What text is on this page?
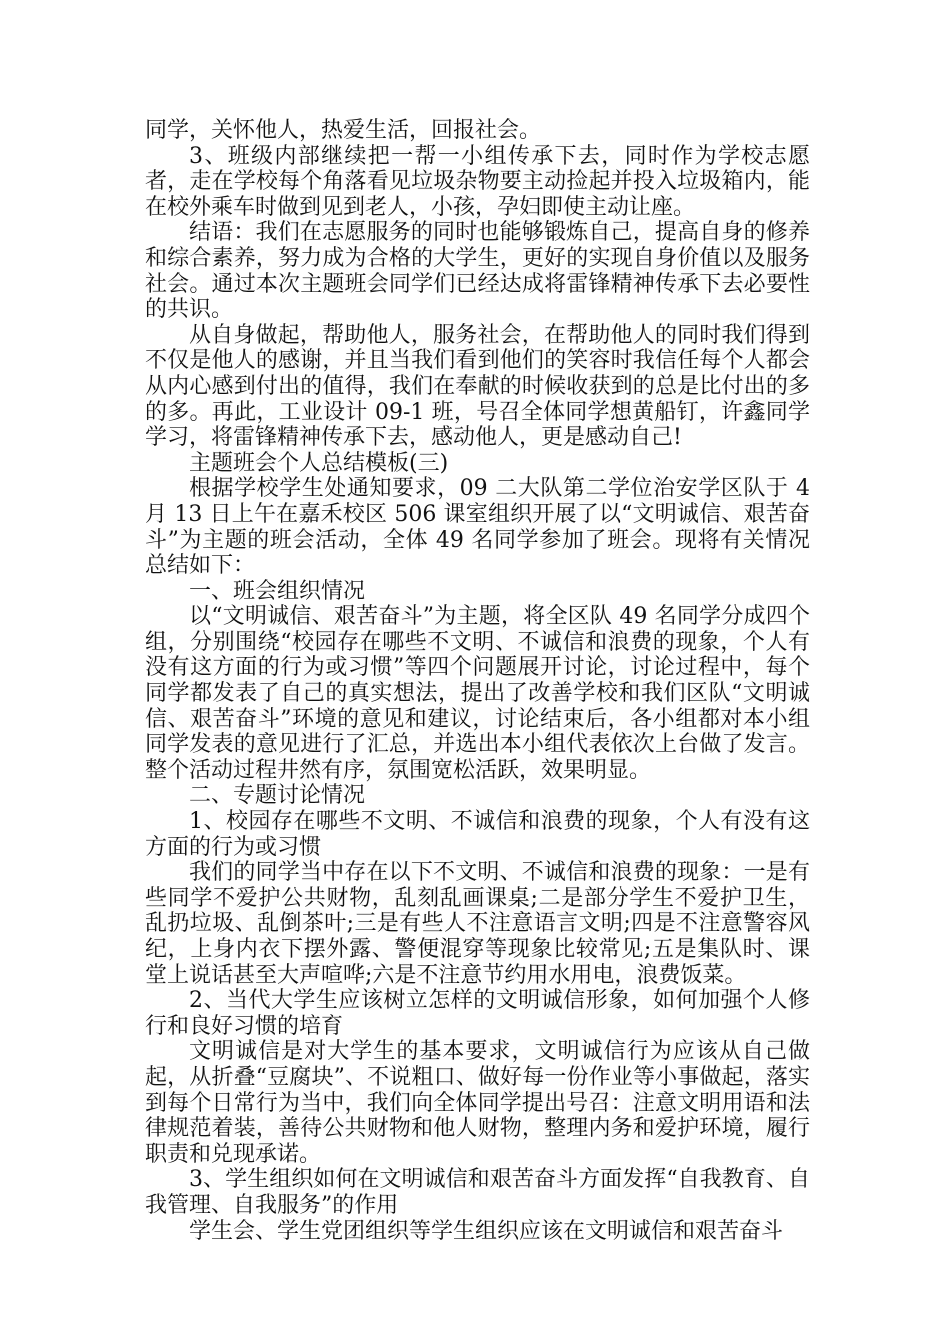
同学，关怀他人，热爱生活，回报社会。

3、班级内部继续把一帮一小组传承下去，同时作为学校志愿者，走在学校每个角落看见垃圾杂物要主动捡起并投入垃圾箱内，能在校外乘车时做到见到老人，小孩，孕妇即使主动让座。

结语：我们在志愿服务的同时也能够锻炼自己，提高自身的修养和综合素养，努力成为合格的大学生，更好的实现自身价值以及服务社会。通过本次主题班会同学们已经达成将雷锋精神传承下去必要性的共识。

从自身做起，帮助他人，服务社会，在帮助他人的同时我们得到不仅是他人的感谢，并且当我们看到他们的笑容时我信任每个人都会从内心感到付出的值得，我们在奉献的时候收获到的总是比付出的多的多。再此，工业设计 09-1 班，号召全体同学想黄船钉，许鑫同学学习，将雷锋精神传承下去，感动他人，更是感动自己!

主题班会个人总结模板(三)

根据学校学生处通知要求，09 二大队第二学位治安学区队于 4 月 13 日上午在嘉禾校区 506 课室组织开展了以“文明诚信、艰苦奋斗”为主题的班会活动，全体 49 名同学参加了班会。现将有关情况总结如下：

一、班会组织情况

以“文明诚信、艰苦奋斗”为主题，将全区队 49 名同学分成四个组，分别围绕“校园存在哪些不文明、不诚信和浪费的现象，个人有没有这方面的行为或习惯”等四个问题展开讨论，讨论过程中，每个同学都发表了自己的真实想法，提出了改善学校和我们区队“文明诚信、艰苦奋斗”环境的意见和建议，讨论结束后，各小组都对本小组同学发表的意见进行了汇总，并选出本小组代表依次上台做了发言。整个活动过程井然有序，氛围宽松活跃，效果明显。

二、专题讨论情况

1、校园存在哪些不文明、不诚信和浪费的现象，个人有没有这方面的行为或习惯

我们的同学当中存在以下不文明、不诚信和浪费的现象：一是有些同学不爱护公共财物，乱刻乱画课桌;二是部分学生不爱护卫生，乱扔垃圾、乱倒茶叶;三是有些人不注意语言文明;四是不注意警容风纪，上身内衣下摆外露、警便混穿等现象比较常见;五是集队时、课堂上说话甚至大声喧哗;六是不注意节约用水用电，浪费饭菜。

2、当代大学生应该树立怎样的文明诚信形象，如何加强个人修行和良好习惯的培育

文明诚信是对大学生的基本要求，文明诚信行为应该从自己做起，从折叠“豆腐块”、不说粗口、做好每一份作业等小事做起，落实到每个日常行为当中，我们向全体同学提出号召：注意文明用语和法律规范着装，善待公共财物和他人财物，整理内务和爱护环境，履行职责和兑现承诺。

3、学生组织如何在文明诚信和艰苦奋斗方面发挥“自我教育、自我管理、自我服务”的作用

学生会、学生党团组织等学生组织应该在文明诚信和艰苦奋斗
